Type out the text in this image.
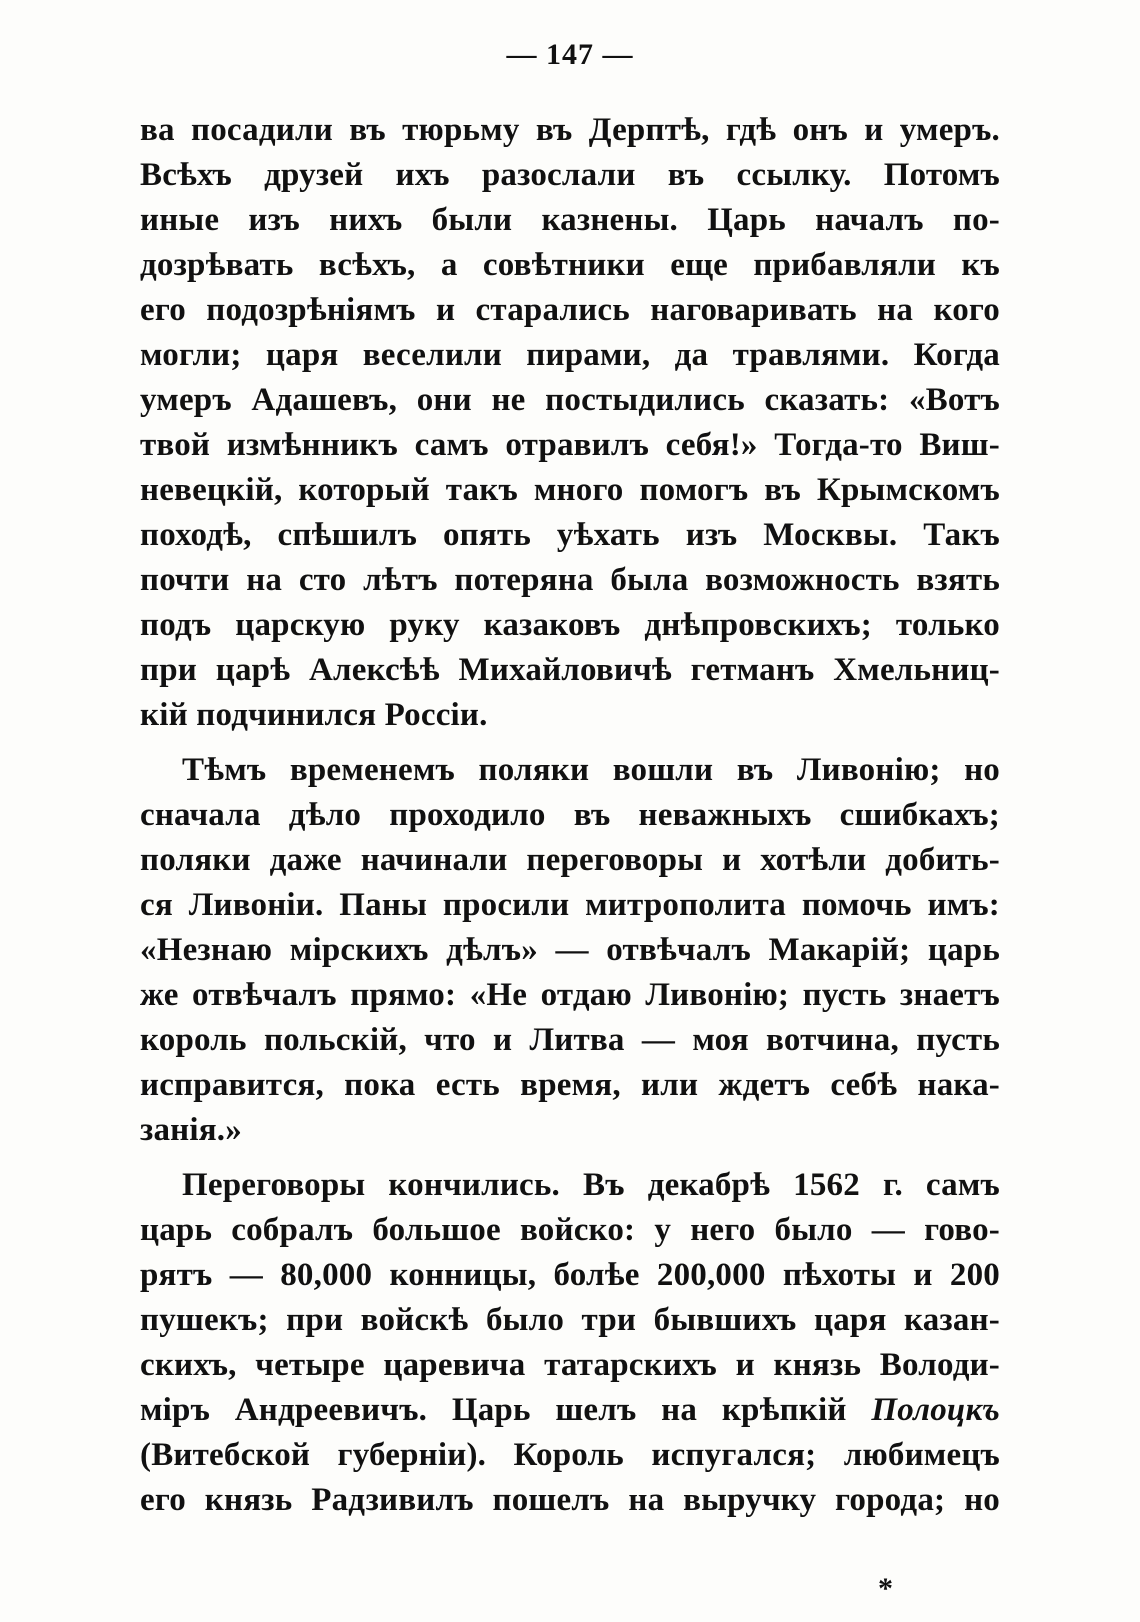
— 147 —
ва посадили въ тюрьму въ Дерптѣ, гдѣ онъ и умеръ.
Всѣхъ друзей ихъ разослали въ ссылку. Потомъ
иные изъ нихъ были казнены. Царь началъ по-
дозрѣвать всѣхъ, а совѣтники еще прибавляли къ
его подозрѣніямъ и старались наговаривать на кого
могли; царя веселили пирами, да травлями. Когда
умеръ Адашевъ, они не постыдились сказать: «Вотъ
твой измѣнникъ самъ отравилъ себя!» Тогда-то Виш-
невецкій, который такъ много помогъ въ Крымскомъ
походѣ, спѣшилъ опять уѣхать изъ Москвы. Такъ
почти на сто лѣтъ потеряна была возможность взять
подъ царскую руку казаковъ днѣпровскихъ; только
при царѣ Алексѣѣ Михайловичѣ гетманъ Хмельниц-
кій подчинился Россіи.
Тѣмъ временемъ поляки вошли въ Ливонію; но
сначала дѣло проходило въ неважныхъ сшибкахъ;
поляки даже начинали переговоры и хотѣли добить-
ся Ливоніи. Паны просили митрополита помочь имъ:
«Незнаю мірскихъ дѣлъ» — отвѣчалъ Макарій; царь
же отвѣчалъ прямо: «Не отдаю Ливонію; пусть знаетъ
король польскій, что и Литва — моя вотчина, пусть
исправится, пока есть время, или ждетъ себѣ нака-
занія.»
Переговоры кончились. Въ декабрѣ 1562 г. самъ
царь собралъ большое войско: у него было — гово-
рятъ — 80,000 конницы, болѣе 200,000 пѣхоты и 200
пушекъ; при войскѣ было три бывшихъ царя казан-
скихъ, четыре царевича татарскихъ и князь Володи-
міръ Андреевичъ. Царь шелъ на крѣпкій Полоцкъ
(Витебской губерніи). Король испугался; любимецъ
его князь Радзивилъ пошелъ на выручку города; но
*
